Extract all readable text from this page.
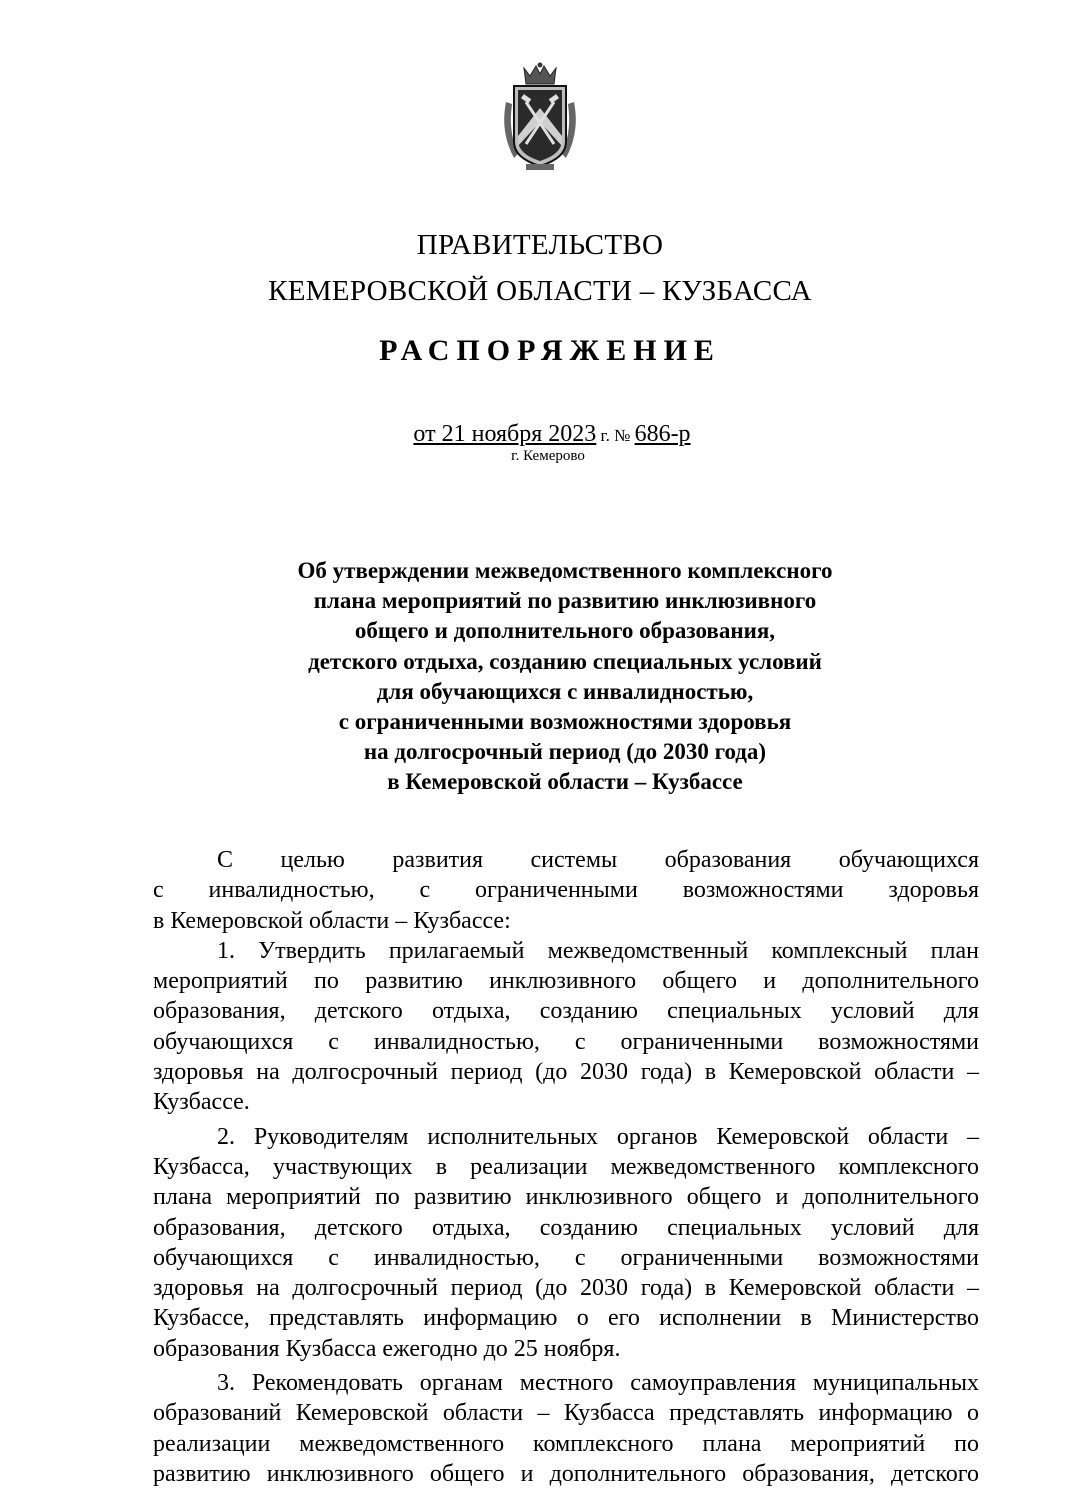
ПРАВИТЕЛЬСТВО
КЕМЕРОВСКОЙ ОБЛАСТИ – КУЗБАССА
РАСПОРЯЖЕНИЕ
от 21 ноября 2023 г. № 686-р
г. Кемерово
Об утверждении межведомственного комплексного
плана мероприятий по развитию инклюзивного
общего и дополнительного образования,
детского отдыха, созданию специальных условий
для обучающихся с инвалидностью,
с ограниченными возможностями здоровья
на долгосрочный период (до 2030 года)
в Кемеровской области – Кузбассе

С целью развития системы образования обучающихся
с инвалидностью, с ограниченными возможностями здоровья
в Кемеровской области – Кузбассе:

1. Утвердить прилагаемый межведомственный комплексный план
мероприятий по развитию инклюзивного общего и дополнительного
образования, детского отдыха, созданию специальных условий для
обучающихся с инвалидностью, с ограниченными возможностями
здоровья на долгосрочный период (до 2030 года) в Кемеровской области –
Кузбассе.

2. Руководителям исполнительных органов Кемеровской области –
Кузбасса, участвующих в реализации межведомственного комплексного
плана мероприятий по развитию инклюзивного общего и дополнительного
образования, детского отдыха, созданию специальных условий для
обучающихся с инвалидностью, с ограниченными возможностями
здоровья на долгосрочный период (до 2030 года) в Кемеровской области –
Кузбассе, представлять информацию о его исполнении в Министерство
образования Кузбасса ежегодно до 25 ноября.

3. Рекомендовать органам местного самоуправления муниципальных
образований Кемеровской области – Кузбасса представлять информацию о
реализации межведомственного комплексного плана мероприятий по
развитию инклюзивного общего и дополнительного образования, детского
